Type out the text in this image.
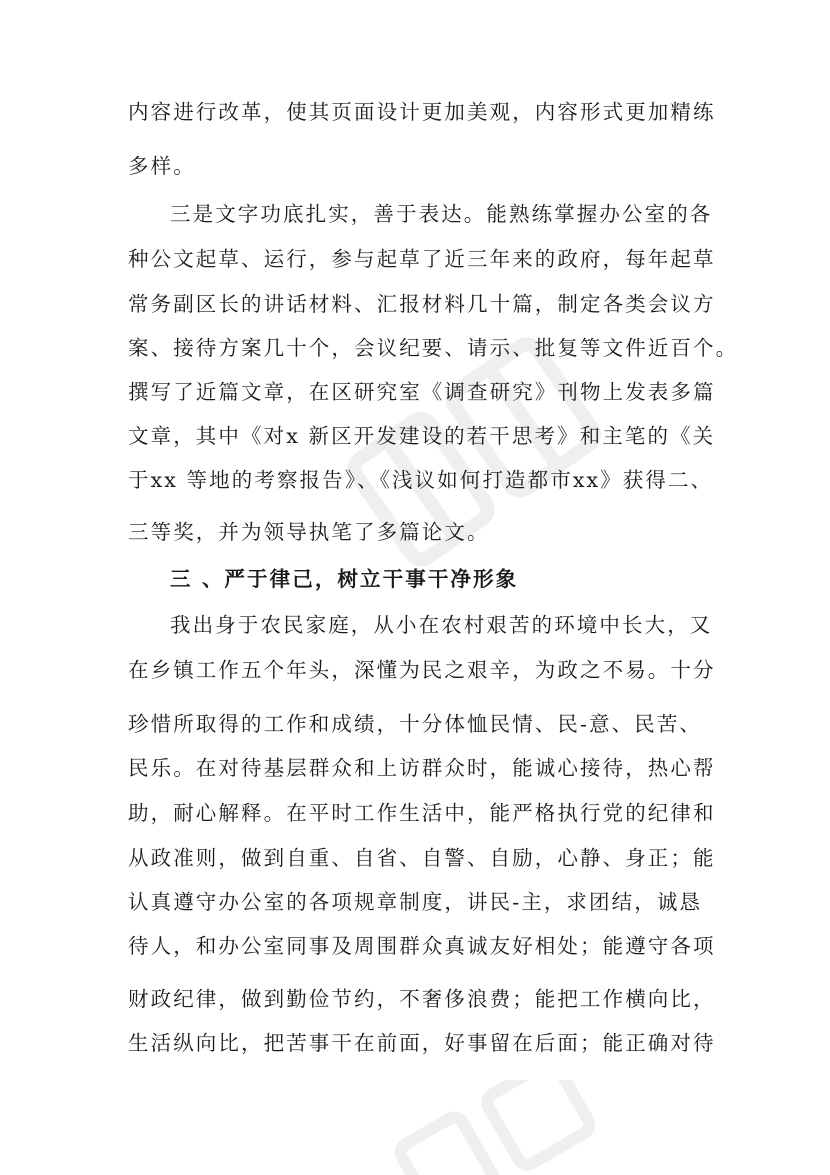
内容进行改革，使其页面设计更加美观，内容形式更加精练
多样。
三是文字功底扎实，善于表达。能熟练掌握办公室的各
种公文起草、运行，参与起草了近三年来的政府，每年起草
常务副区长的讲话材料、汇报材料几十篇，制定各类会议方
案、接待方案几十个，会议纪要、请示、批复等文件近百个。
撰写了近篇文章，在区研究室《调查研究》刊物上发表多篇
文章，其中《对x 新区开发建设的若干思考》和主笔的《关
于xx 等地的考察报告》、《浅议如何打造都市xx》获得二、
三等奖，并为领导执笔了多篇论文。
三 、严于律己，树立干事干净形象
我出身于农民家庭，从小在农村艰苦的环境中长大，又
在乡镇工作五个年头，深懂为民之艰辛，为政之不易。十分
珍惜所取得的工作和成绩，十分体恤民情、民-意、民苦、
民乐。在对待基层群众和上访群众时，能诚心接待，热心帮
助，耐心解释。在平时工作生活中，能严格执行党的纪律和
从政准则，做到自重、自省、自警、自励，心静、身正；能
认真遵守办公室的各项规章制度，讲民-主，求团结，诚恳
待人，和办公室同事及周围群众真诚友好相处；能遵守各项
财政纪律，做到勤俭节约，不奢侈浪费；能把工作横向比，
生活纵向比，把苦事干在前面，好事留在后面；能正确对待
